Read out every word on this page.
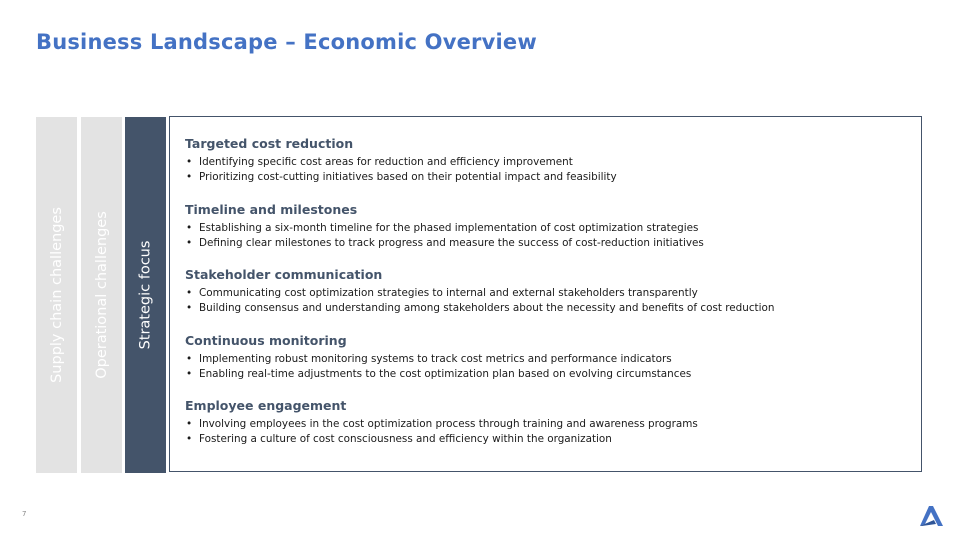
Business Landscape – Economic Overview
Supply chain challenges Operational challenges Strategic focus
Targeted cost reduction
• Identifying specific cost areas for reduction and efficiency improvement
• Prioritizing cost-cutting initiatives based on their potential impact and feasibility
Timeline and milestones
• Establishing a six-month timeline for the phased implementation of cost optimization strategies
• Defining clear milestones to track progress and measure the success of cost-reduction initiatives
Stakeholder communication
• Communicating cost optimization strategies to internal and external stakeholders transparently
• Building consensus and understanding among stakeholders about the necessity and benefits of cost reduction
Continuous monitoring
• Implementing robust monitoring systems to track cost metrics and performance indicators
• Enabling real-time adjustments to the cost optimization plan based on evolving circumstances
Employee engagement
• Involving employees in the cost optimization process through training and awareness programs
• Fostering a culture of cost consciousness and efficiency within the organization
7
